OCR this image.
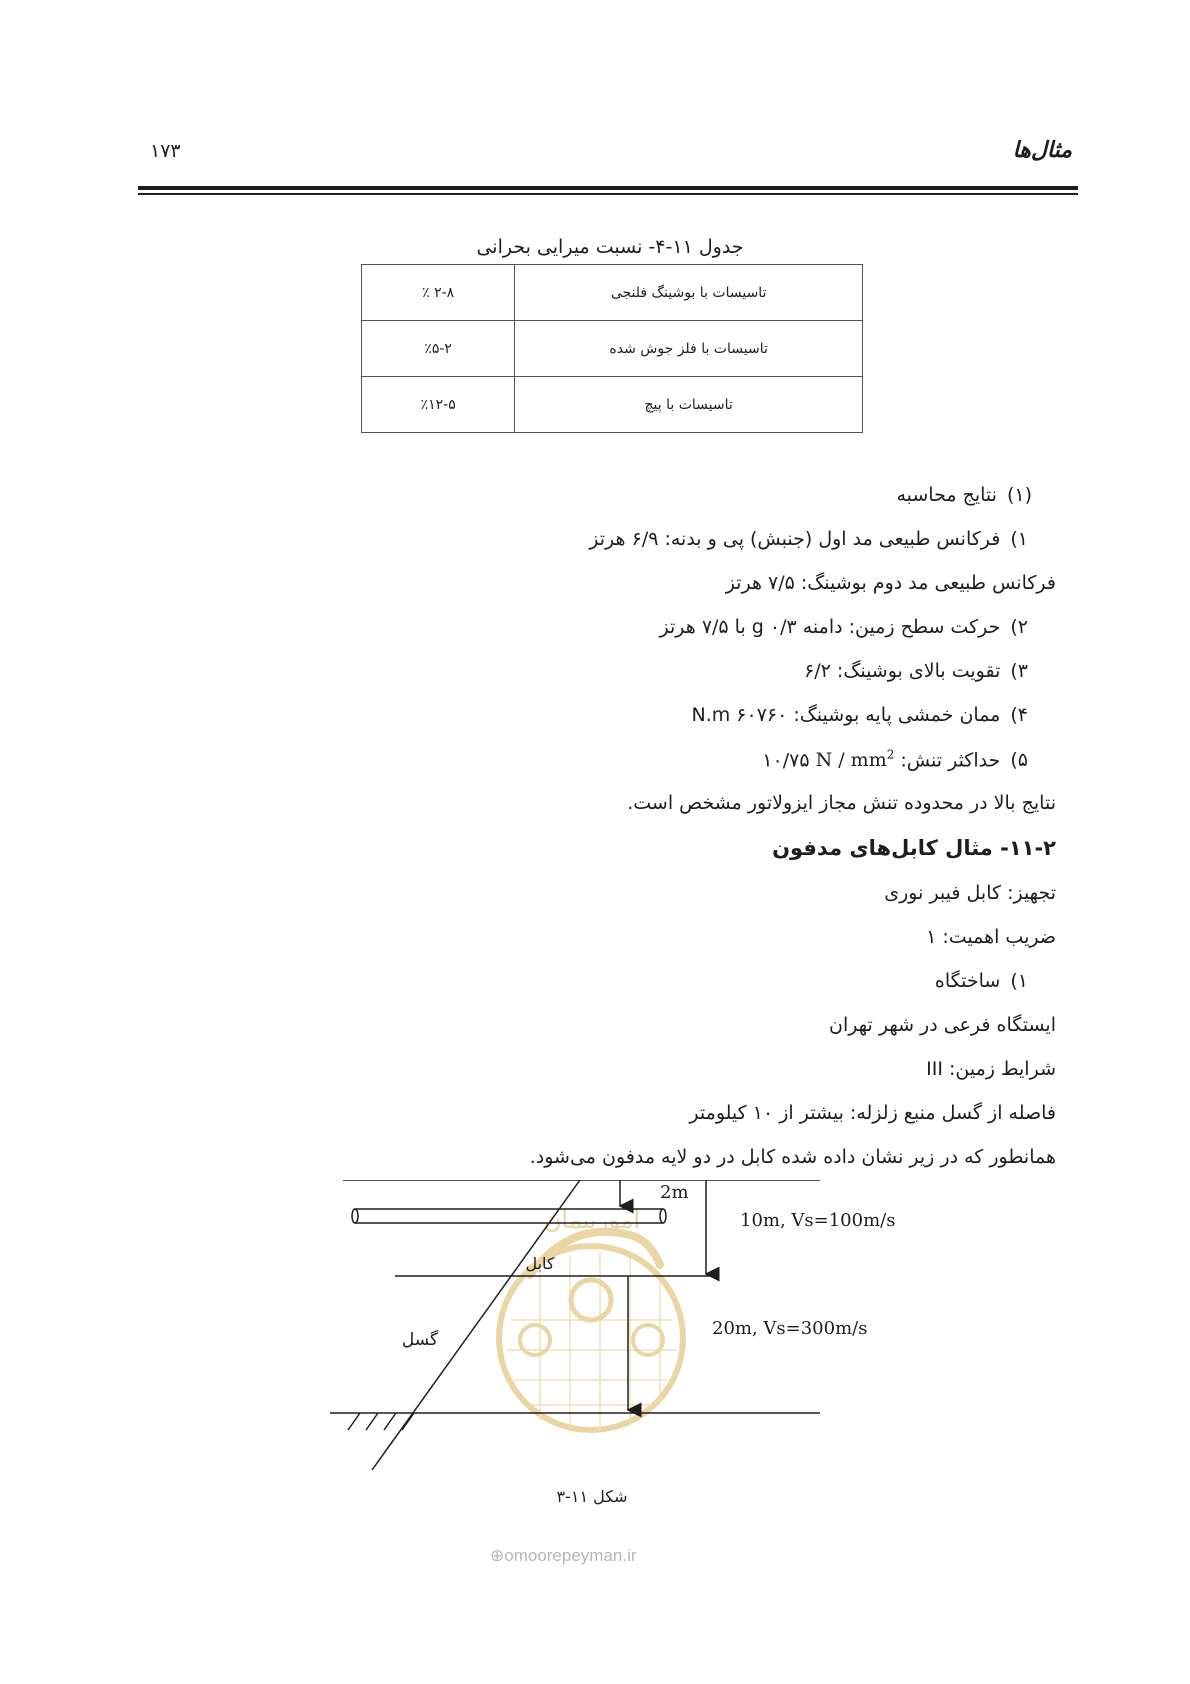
۱۷۳	مثال‌ها
جدول ۱۱-۴- نسبت میرایی بحرانی
۲-۸ ٪	تاسیسات با بوشینگ فلنجی
٪۵-۲	تاسیسات با فلز جوش شده
٪۱۲-۵	تاسیسات با پیچ
(۱)نتایج محاسبه
۱)فرکانس طبیعی مد اول (جنبش) پی و بدنه: ۶/۹ هرتز
فرکانس طبیعی مد دوم بوشینگ: ۷/۵ هرتز
۲)حرکت سطح زمین: دامنه g ۰/۳ با ۷/۵ هرتز
۳)تقویت بالای بوشینگ: ۶/۲
۴)ممان خمشی پایه بوشینگ: N.m ۶۰۷۶۰
۵)حداکثر تنش: N / $mm^2$ ۱۰/۷۵
نتایج بالا در محدوده تنش مجاز ایزولاتور مشخص است.
۱۱-۲- مثال کابل‌های مدفون
تجهیز: کابل فیبر نوری
ضریب اهمیت: ۱
۱)ساختگاه
ایستگاه فرعی در شهر تهران
شرایط زمین: III
فاصله از گسل منبع زلزله: بیشتر از ۱۰ کیلومتر
همانطور که در زیر نشان داده شده کابل در دو لایه مدفون می‌شود.
امورپیمان
2m
10m, Vs=100m/s
کابل
20m, Vs=300m/s
گسل
شکل ۱۱-۳
⊕omoorepeyman.ir
